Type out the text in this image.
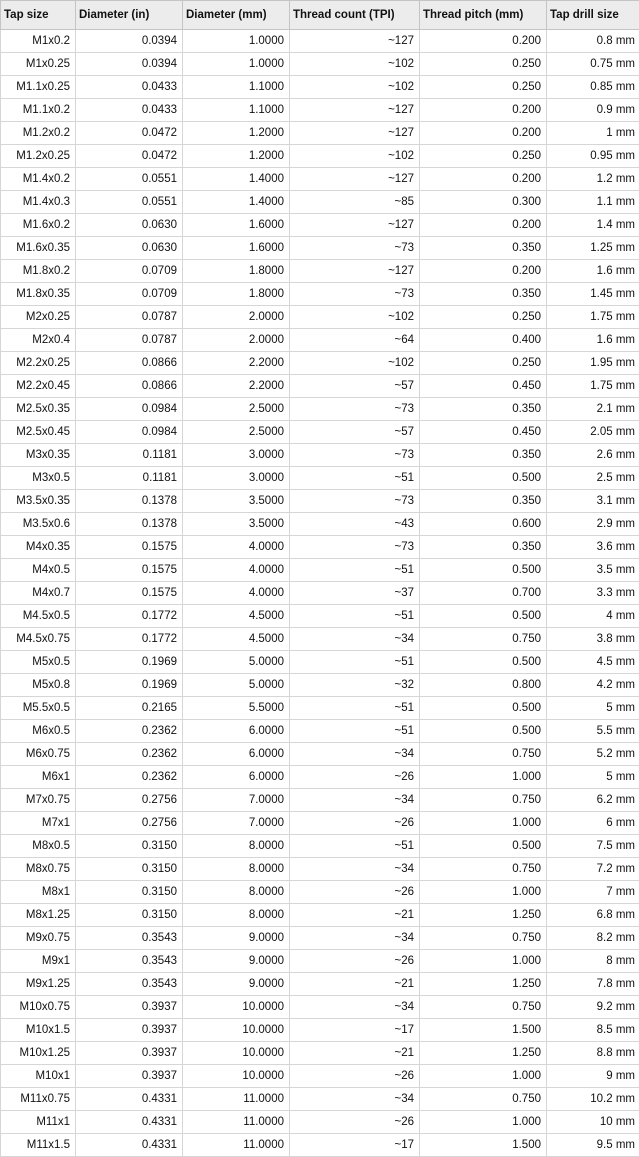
Tap size	Diameter (in)	Diameter (mm)	Thread count (TPI)	Thread pitch (mm)	Tap drill size
M1x0.2	0.0394	1.0000	~127	0.200	0.8 mm
M1x0.25	0.0394	1.0000	~102	0.250	0.75 mm
M1.1x0.25	0.0433	1.1000	~102	0.250	0.85 mm
M1.1x0.2	0.0433	1.1000	~127	0.200	0.9 mm
M1.2x0.2	0.0472	1.2000	~127	0.200	1 mm
M1.2x0.25	0.0472	1.2000	~102	0.250	0.95 mm
M1.4x0.2	0.0551	1.4000	~127	0.200	1.2 mm
M1.4x0.3	0.0551	1.4000	~85	0.300	1.1 mm
M1.6x0.2	0.0630	1.6000	~127	0.200	1.4 mm
M1.6x0.35	0.0630	1.6000	~73	0.350	1.25 mm
M1.8x0.2	0.0709	1.8000	~127	0.200	1.6 mm
M1.8x0.35	0.0709	1.8000	~73	0.350	1.45 mm
M2x0.25	0.0787	2.0000	~102	0.250	1.75 mm
M2x0.4	0.0787	2.0000	~64	0.400	1.6 mm
M2.2x0.25	0.0866	2.2000	~102	0.250	1.95 mm
M2.2x0.45	0.0866	2.2000	~57	0.450	1.75 mm
M2.5x0.35	0.0984	2.5000	~73	0.350	2.1 mm
M2.5x0.45	0.0984	2.5000	~57	0.450	2.05 mm
M3x0.35	0.1181	3.0000	~73	0.350	2.6 mm
M3x0.5	0.1181	3.0000	~51	0.500	2.5 mm
M3.5x0.35	0.1378	3.5000	~73	0.350	3.1 mm
M3.5x0.6	0.1378	3.5000	~43	0.600	2.9 mm
M4x0.35	0.1575	4.0000	~73	0.350	3.6 mm
M4x0.5	0.1575	4.0000	~51	0.500	3.5 mm
M4x0.7	0.1575	4.0000	~37	0.700	3.3 mm
M4.5x0.5	0.1772	4.5000	~51	0.500	4 mm
M4.5x0.75	0.1772	4.5000	~34	0.750	3.8 mm
M5x0.5	0.1969	5.0000	~51	0.500	4.5 mm
M5x0.8	0.1969	5.0000	~32	0.800	4.2 mm
M5.5x0.5	0.2165	5.5000	~51	0.500	5 mm
M6x0.5	0.2362	6.0000	~51	0.500	5.5 mm
M6x0.75	0.2362	6.0000	~34	0.750	5.2 mm
M6x1	0.2362	6.0000	~26	1.000	5 mm
M7x0.75	0.2756	7.0000	~34	0.750	6.2 mm
M7x1	0.2756	7.0000	~26	1.000	6 mm
M8x0.5	0.3150	8.0000	~51	0.500	7.5 mm
M8x0.75	0.3150	8.0000	~34	0.750	7.2 mm
M8x1	0.3150	8.0000	~26	1.000	7 mm
M8x1.25	0.3150	8.0000	~21	1.250	6.8 mm
M9x0.75	0.3543	9.0000	~34	0.750	8.2 mm
M9x1	0.3543	9.0000	~26	1.000	8 mm
M9x1.25	0.3543	9.0000	~21	1.250	7.8 mm
M10x0.75	0.3937	10.0000	~34	0.750	9.2 mm
M10x1.5	0.3937	10.0000	~17	1.500	8.5 mm
M10x1.25	0.3937	10.0000	~21	1.250	8.8 mm
M10x1	0.3937	10.0000	~26	1.000	9 mm
M11x0.75	0.4331	11.0000	~34	0.750	10.2 mm
M11x1	0.4331	11.0000	~26	1.000	10 mm
M11x1.5	0.4331	11.0000	~17	1.500	9.5 mm
